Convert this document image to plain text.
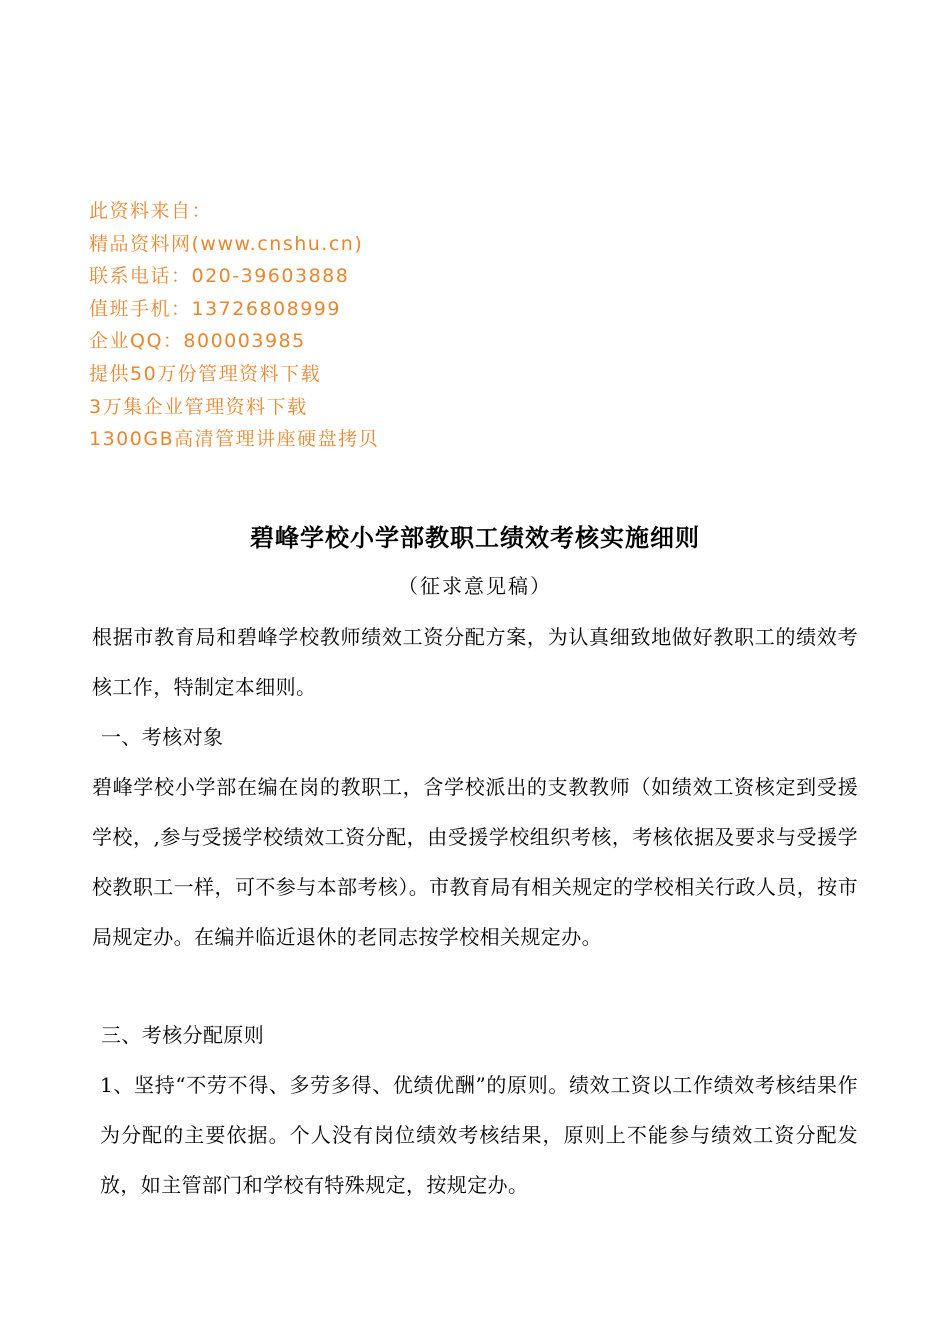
此资料来自：
精品资料网(www.cnshu.cn)
联系电话：020-39603888
值班手机：13726808999
企业QQ：800003985
提供50万份管理资料下载
3万集企业管理资料下载
1300GB高清管理讲座硬盘拷贝
碧峰学校小学部教职工绩效考核实施细则
（征求意见稿）
根据市教育局和碧峰学校教师绩效工资分配方案，为认真细致地做好教职工的绩效考核工作，特制定本细则。
一、考核对象
碧峰学校小学部在编在岗的教职工，含学校派出的支教教师（如绩效工资核定到受援学校，,参与受援学校绩效工资分配，由受援学校组织考核，考核依据及要求与受援学校教职工一样，可不参与本部考核）。市教育局有相关规定的学校相关行政人员，按市局规定办。在编并临近退休的老同志按学校相关规定办。
三、考核分配原则
1、坚持“不劳不得、多劳多得、优绩优酬”的原则。绩效工资以工作绩效考核结果作为分配的主要依据。个人没有岗位绩效考核结果，原则上不能参与绩效工资分配发放，如主管部门和学校有特殊规定，按规定办。
